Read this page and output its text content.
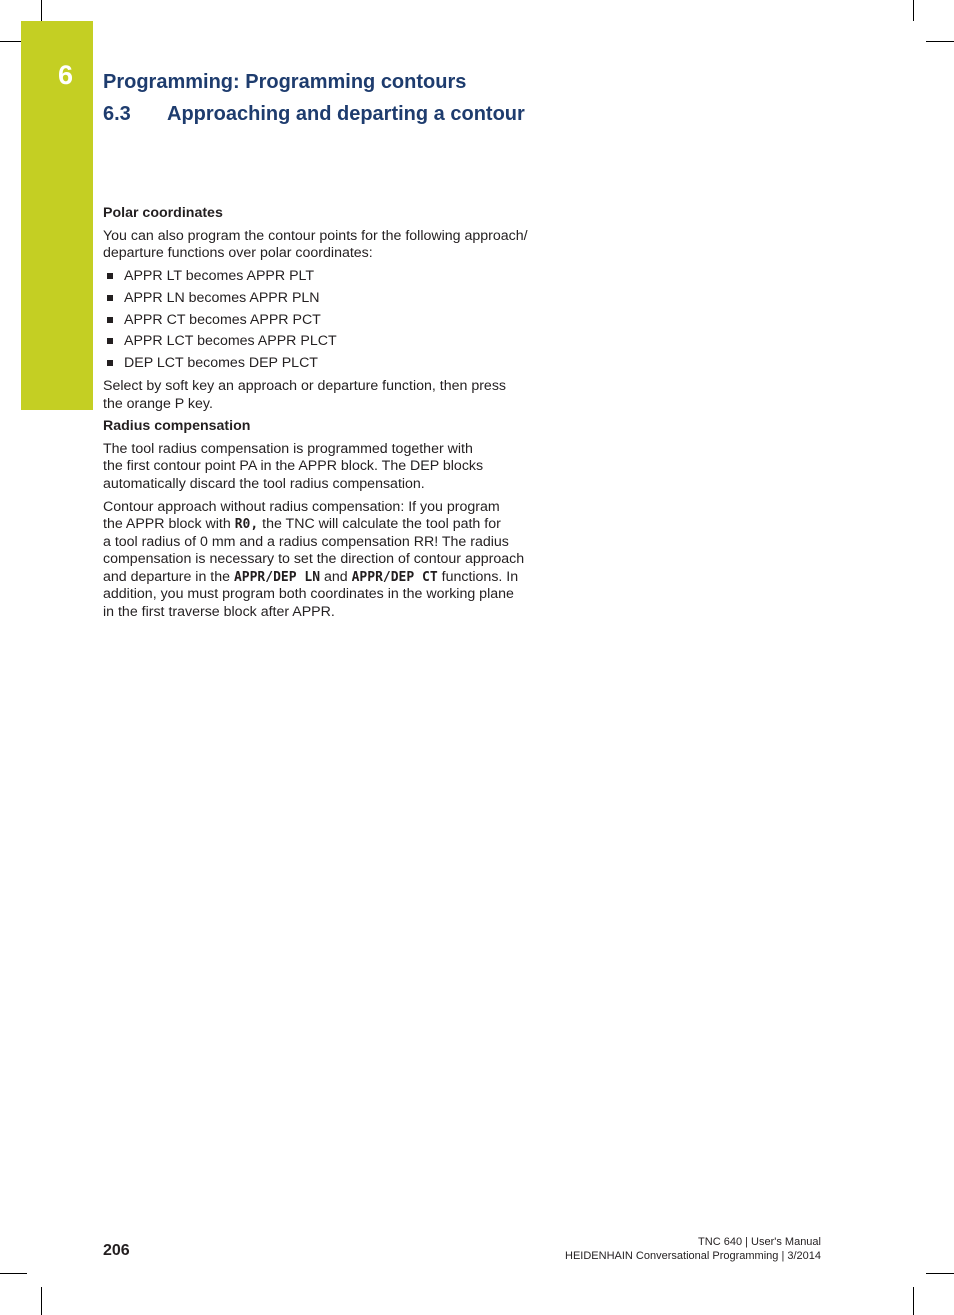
6 Programming: Programming contours
6.3 Approaching and departing a contour
Polar coordinates

You can also program the contour points for the following approach/
departure functions over polar coordinates:

APPR LT becomes APPR PLT
APPR LN becomes APPR PLN
APPR CT becomes APPR PCT
APPR LCT becomes APPR PLCT
DEP LCT becomes DEP PLCT

Select by soft key an approach or departure function, then press
the orange P key.

Radius compensation

The tool radius compensation is programmed together with
the first contour point PA in the APPR block. The DEP blocks
automatically discard the tool radius compensation.

Contour approach without radius compensation: If you program
the APPR block with R0, the TNC will calculate the tool path for
a tool radius of 0 mm and a radius compensation RR! The radius
compensation is necessary to set the direction of contour approach
and departure in the APPR/DEP LN and APPR/DEP CT functions. In
addition, you must program both coordinates in the working plane
in the first traverse block after APPR.

206	TNC 640 | User's Manual
HEIDENHAIN Conversational Programming | 3/2014
